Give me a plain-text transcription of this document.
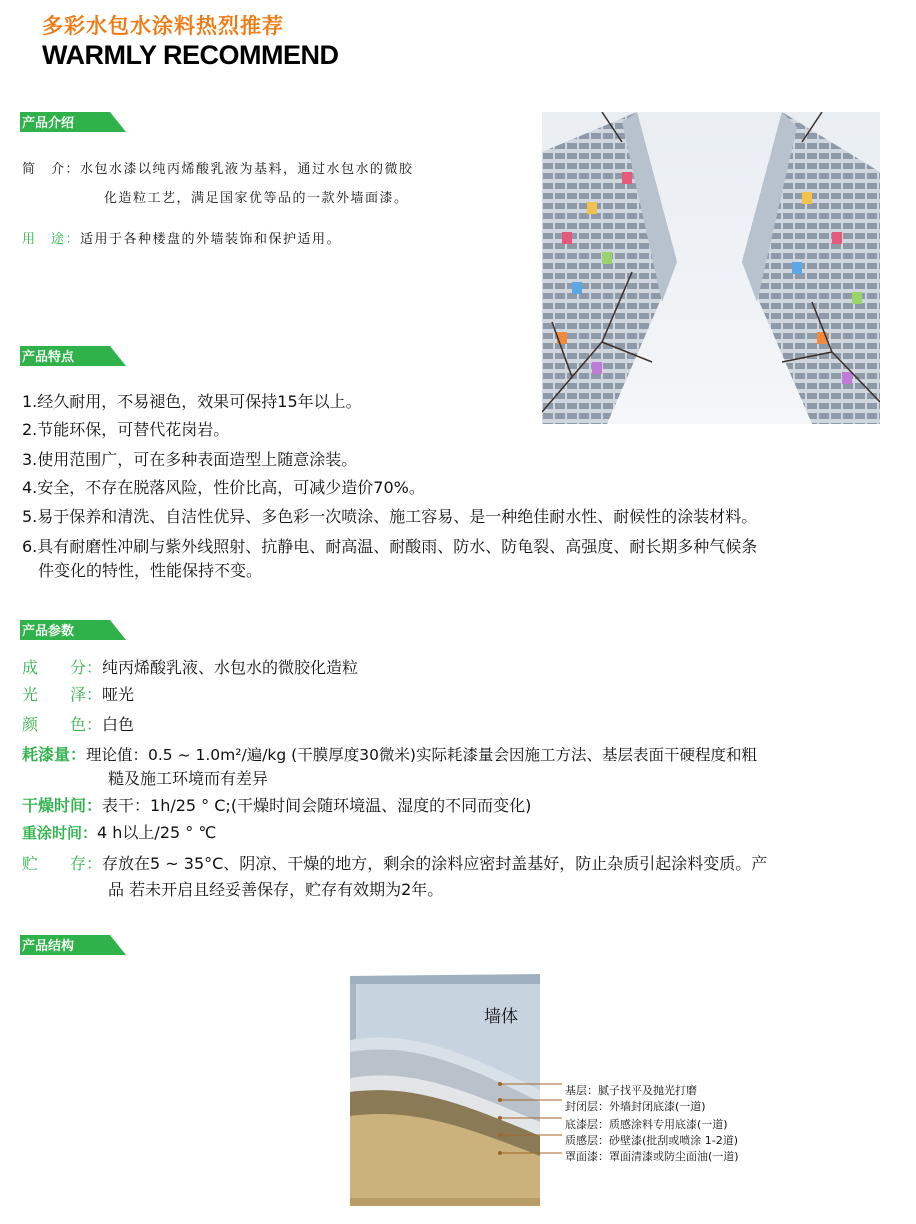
多彩水包水涂料热烈推荐
WARMLY RECOMMEND
产品介绍
简　介：水包水漆以纯丙烯酸乳液为基料，通过水包水的微胶
化造粒工艺，满足国家优等品的一款外墙面漆。
用　途：适用于各种楼盘的外墙装饰和保护适用。
产品特点
1.经久耐用，不易褪色，效果可保持15年以上。
2.节能环保，可替代花岗岩。
3.使用范围广，可在多种表面造型上随意涂装。
4.安全，不存在脱落风险，性价比高，可减少造价70%。
5.易于保养和清洗、自洁性优异、多色彩一次喷涂、施工容易、是一种绝佳耐水性、耐候性的涂装材料。
6.具有耐磨性冲刷与紫外线照射、抗静电、耐高温、耐酸雨、防水、防龟裂、高强度、耐长期多种气候条
件变化的特性，性能保持不变。
产品参数
成　　分：纯丙烯酸乳液、水包水的微胶化造粒
光　　泽：哑光
颜　　色：白色
耗漆量：理论值：0.5 ~ 1.0m²/遍/kg (干膜厚度30微米)实际耗漆量会因施工方法、基层表面干硬程度和粗
糙及施工环境而有差异
干燥时间：表干：1h/25 ° C;(干燥时间会随环境温、湿度的不同而变化)
重涂时间：4 h以上/25 ° ℃
贮　　存：存放在5 ~ 35°C、阴凉、干燥的地方，剩余的涂料应密封盖基好，防止杂质引起涂料变质。产
品 若未开启且经妥善保存，贮存有效期为2年。
产品结构
墙体
基层：腻子找平及抛光打磨
封闭层：外墙封闭底漆(一道)
底漆层：质感涂料专用底漆(一道)
质感层：砂壁漆(批刮或喷涂 1-2道)
罩面漆：罩面清漆或防尘面油(一道)
